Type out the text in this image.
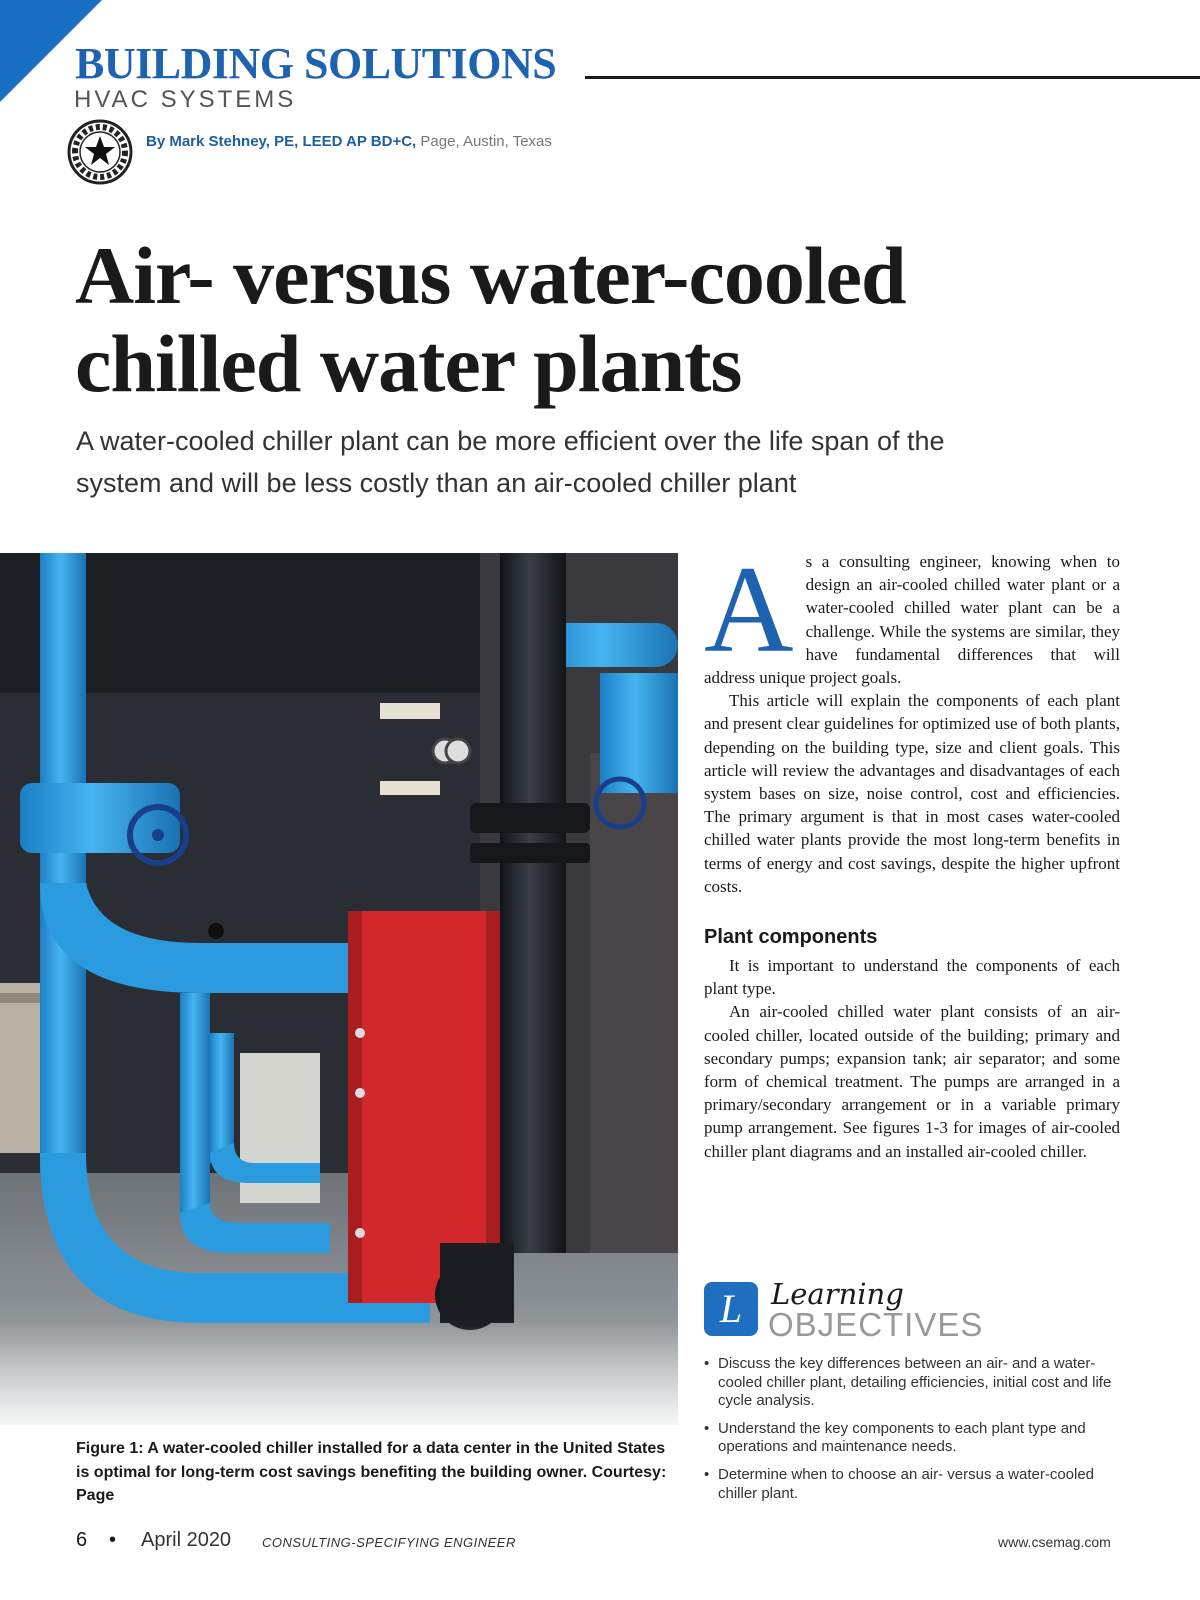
BUILDING SOLUTIONS
HVAC SYSTEMS
By Mark Stehney, PE, LEED AP BD+C, Page, Austin, Texas
Air- versus water-cooled chilled water plants

A water-cooled chiller plant can be more efficient over the life span of the system and will be less costly than an air-cooled chiller plant

Figure 1: A water-cooled chiller installed for a data center in the United States is optimal for long-term cost savings benefiting the building owner. Courtesy: Page

A s a consulting engineer, knowing when to design an air-cooled chilled water plant or a water-cooled chilled water plant can be a challenge. While the systems are similar, they have fundamental differences that will address unique project goals.

This article will explain the components of each plant and present clear guidelines for optimized use of both plants, depending on the building type, size and client goals. This article will review the advantages and disadvantages of each system bases on size, noise control, cost and efficiencies. The primary argument is that in most cases water-cooled chilled water plants provide the most long-term benefits in terms of energy and cost savings, despite the higher upfront costs.

Plant components

It is important to understand the components of each plant type.

An air-cooled chilled water plant consists of an air-cooled chiller, located outside of the building; primary and secondary pumps; expansion tank; air separator; and some form of chemical treatment. The pumps are arranged in a primary/secondary arrangement or in a variable primary pump arrangement. See figures 1-3 for images of air-cooled chiller plant diagrams and an installed air-cooled chiller.

L Learning
OBJECTIVES
• Discuss the key differences between an air- and a water-cooled chiller plant, detailing efficiencies, initial cost and life cycle analysis.
• Understand the key components to each plant type and operations and maintenance needs.
• Determine when to choose an air- versus a water-cooled chiller plant.
6 • April 2020 CONSULTING-SPECIFYING ENGINEER	www.csemag.com
